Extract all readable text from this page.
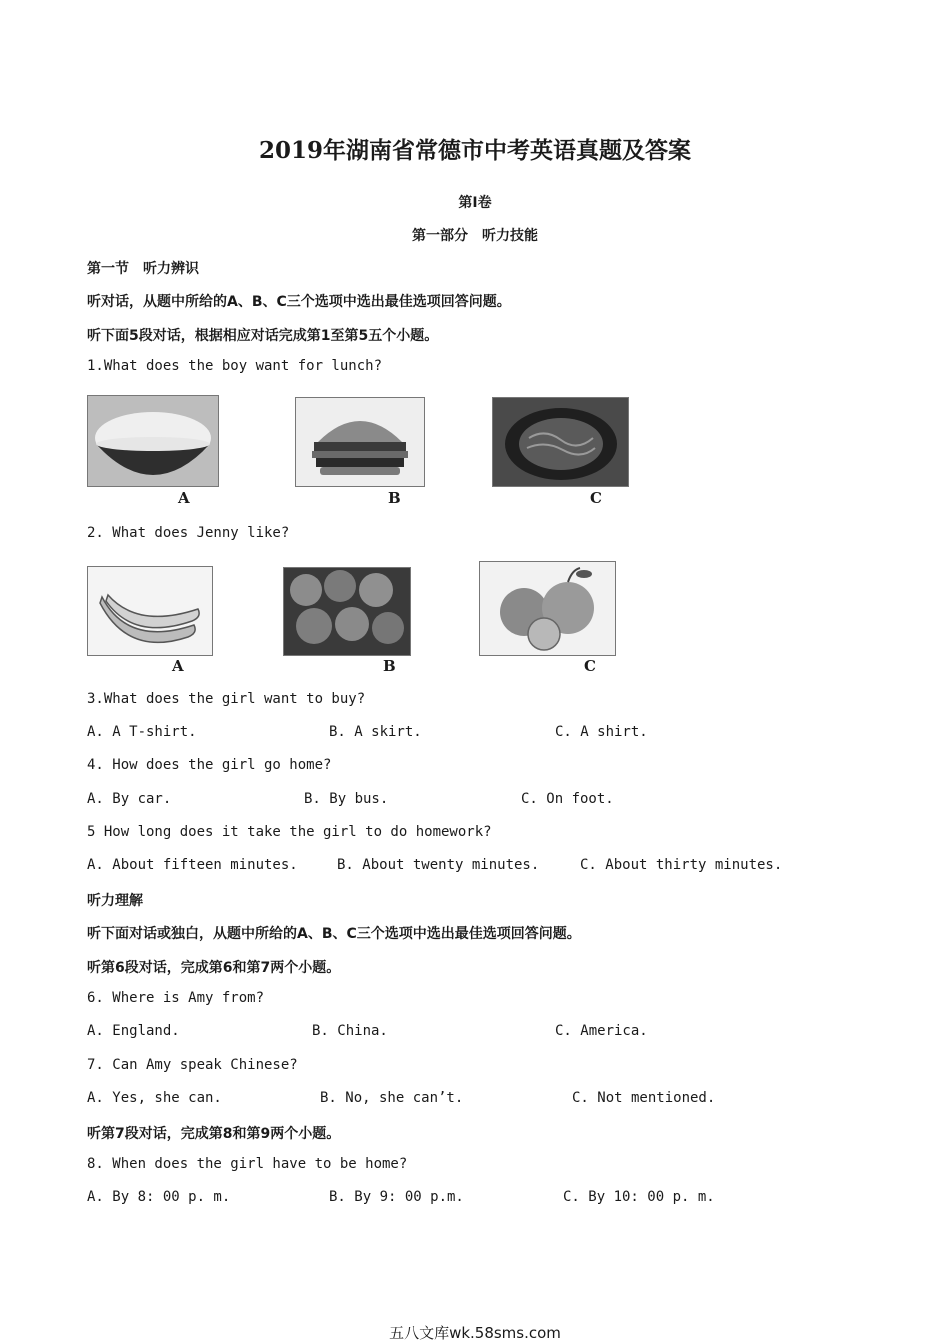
2019年湖南省常德市中考英语真题及答案
第I卷
第一部分　听力技能
第一节　听力辨识
听对话，从题中所给的A、B、C三个选项中选出最佳选项回答问题。
听下面5段对话，根据相应对话完成第1至第5五个小题。
1.What does the boy want for lunch?
A	B	C
2. What does Jenny like?
A	B	C
3.What does the girl want to buy?
A. A T-shirt.	B. A skirt.	C. A shirt.
4. How does the girl go home?
A. By car.	B. By bus.	C. On foot.
5 How long does it take the girl to do homework?
A. About fifteen minutes.	B. About twenty minutes.	C. About thirty minutes.
听力理解
听下面对话或独白，从题中所给的A、B、C三个选项中选出最佳选项回答问题。
听第6段对话，完成第6和第7两个小题。
6. Where is Amy from?
A. England.	B. China.	C. America.
7. Can Amy speak Chinese?
A. Yes, she can.	B. No, she can’t.	C. Not mentioned.
听第7段对话，完成第8和第9两个小题。
8. When does the girl have to be home?
A. By 8: 00 p. m.	B. By 9: 00 p.m.	C. By 10: 00 p. m.
五八文库wk.58sms.com
